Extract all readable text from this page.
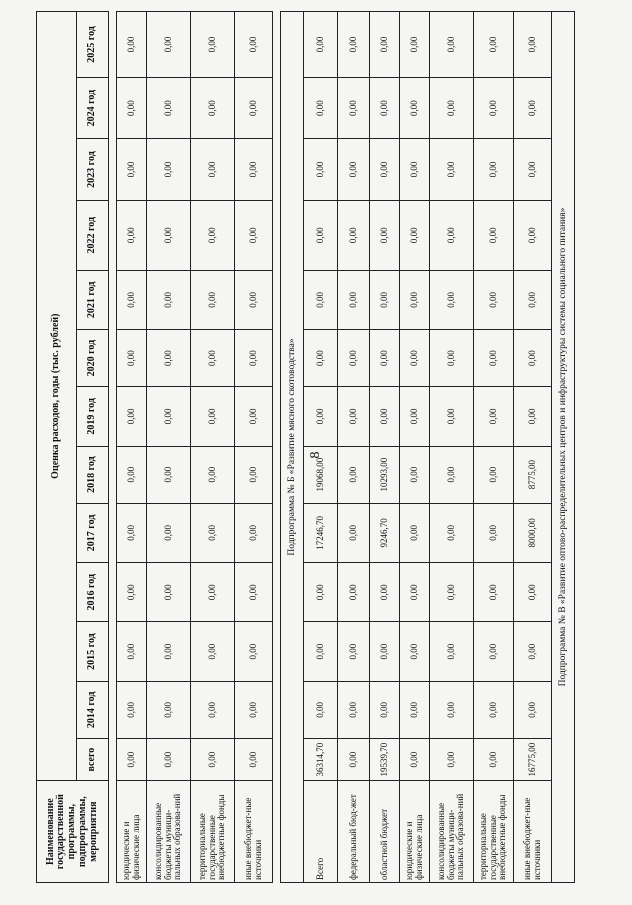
8
Наименование государственной программы, подпрограммы, мероприятия	Оценка расходов, годы (тыс. рублей)												
	всего	2014 год	2015 год	2016 год	2017 год	2018 год	2019 год	2020 год	2021 год	2022 год	2023 год	2024 год	2025 год

юридические и физические лица	0,00	0,00	0,00	0,00	0,00	0,00	0,00	0,00	0,00	0,00	0,00	0,00	0,00
консолидированные бюджеты муници-пальных образова-ний	0,00	0,00	0,00	0,00	0,00	0,00	0,00	0,00	0,00	0,00	0,00	0,00	0,00
территориальные государственные внебюджетные фонды	0,00	0,00	0,00	0,00	0,00	0,00	0,00	0,00	0,00	0,00	0,00	0,00	0,00
иные внебюджет-ные источники	0,00	0,00	0,00	0,00	0,00	0,00	0,00	0,00	0,00	0,00	0,00	0,00	0,00

Подпрограмма № Б «Развитие мясного скотоводства»													
Всего	36314,70	0,00	0,00	0,00	17246,70	19068,00	0,00	0,00	0,00	0,00	0,00	0,00	0,00
федеральный бюд-жет	0,00	0,00	0,00	0,00	0,00	0,00	0,00	0,00	0,00	0,00	0,00	0,00	0,00
областной бюджет	19539,70	0,00	0,00	0,00	9246,70	10293,00	0,00	0,00	0,00	0,00	0,00	0,00	0,00
юридические и физические лица	0,00	0,00	0,00	0,00	0,00	0,00	0,00	0,00	0,00	0,00	0,00	0,00	0,00
консолидированные бюджеты муници-пальных образова-ний	0,00	0,00	0,00	0,00	0,00	0,00	0,00	0,00	0,00	0,00	0,00	0,00	0,00
территориальные государственные внебюджетные фонды	0,00	0,00	0,00	0,00	0,00	0,00	0,00	0,00	0,00	0,00	0,00	0,00	0,00
иные внебюджет-ные источники	16775,00	0,00	0,00	0,00	8000,00	8775,00	0,00	0,00	0,00	0,00	0,00	0,00	0,00
Подпрограмма № В «Развитие оптово-распределительных центров и инфраструктуры системы социального питания»													
